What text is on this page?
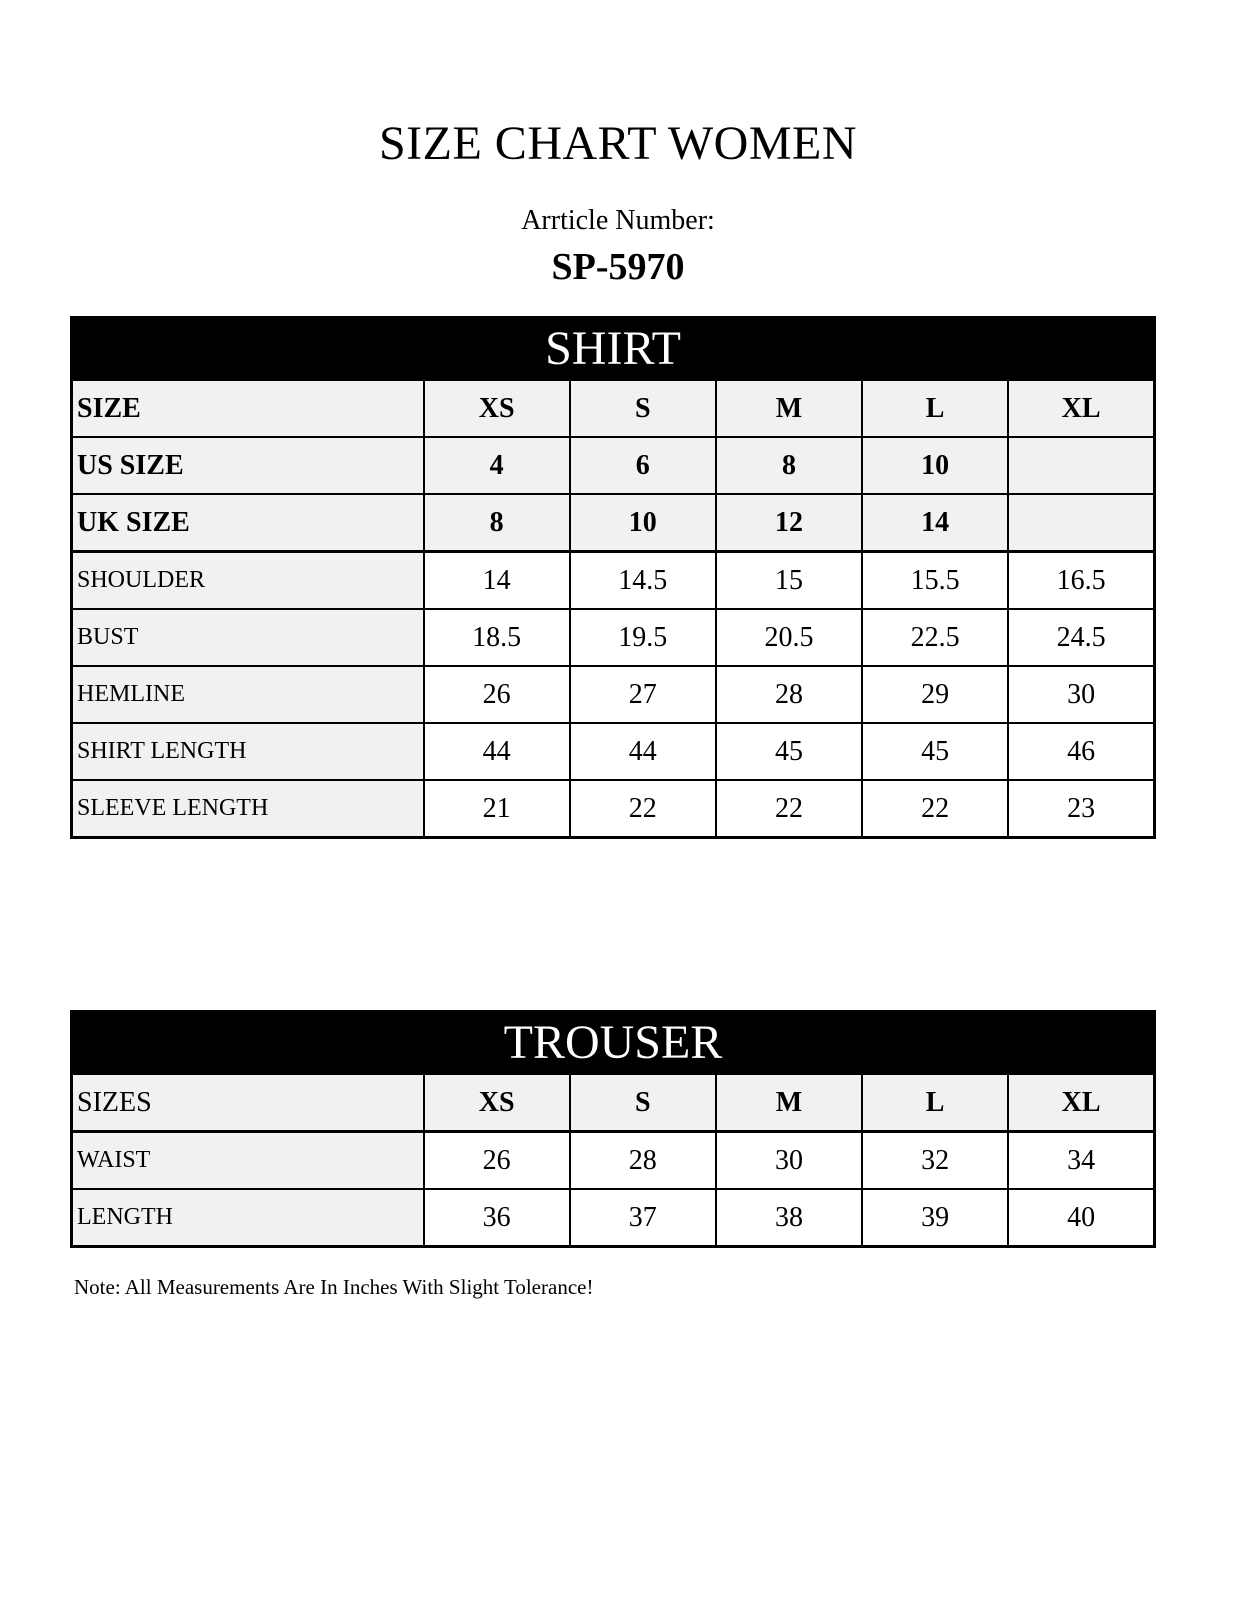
SIZE CHART WOMEN
Arrticle Number:
SP-5970
SHIRT					
SIZE	XS	S	M	L	XL
US SIZE	4	6	8	10	
UK SIZE	8	10	12	14	
SHOULDER	14	14.5	15	15.5	16.5
BUST	18.5	19.5	20.5	22.5	24.5
HEMLINE	26	27	28	29	30
SHIRT LENGTH	44	44	45	45	46
SLEEVE LENGTH	21	22	22	22	23
TROUSER					
SIZES	XS	S	M	L	XL
WAIST	26	28	30	32	34
LENGTH	36	37	38	39	40
Note: All Measurements Are In Inches With Slight Tolerance!
